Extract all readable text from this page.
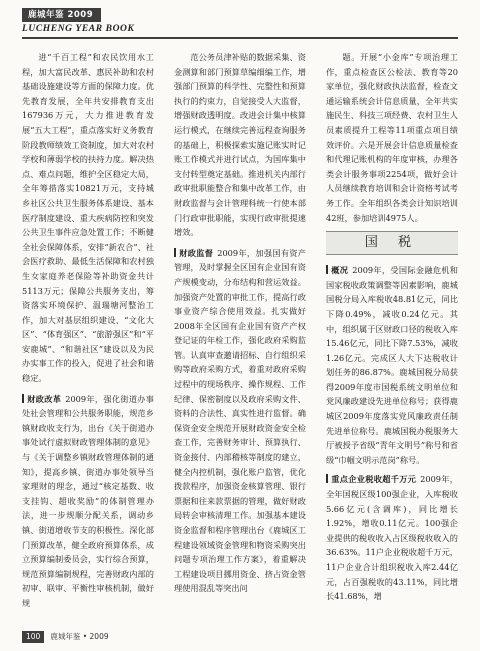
鹿城年鉴 2009
LUCHENG YEAR BOOK

进“千百工程”和农民饮用水工程，加大富民改革、惠民补助和农村基础设施建设等方面的保障力度。优先教育发展，全年共安排教育支出167936万元，大力推进教育发展“五大工程”，重点落实好义务教育阶段教师绩效工资制度，加大对农村学校和薄弱学校的扶持力度。解决热点、难点问题，维护全区稳定大局，全年筹措落实10821万元，支持城乡社区公共卫生服务体系建设、基本医疗制度建设、重大疾病防控和突发公共卫生事件应急处置工作；不断健全社会保障体系，安排“新农合”、社会医疗救助、最低生活保障和农村独生女家庭养老保险等补助资金共计5113万元；保障公共服务支出，筹资落实环境保护、温瑞塘河整治工作，加大对基层组织建设、“文化大区”、“体育强区”、“旅游强区”和“平安鹿城”、“和谐社区”建设以及为民办实事工作的投入，促进了社会和谐稳定。

财政改革 2009年，强化街道办事处社会管理和公共服务职能，规范乡镇财政收支行为，出台《关于街道办事处试行虚拟财政管理体制的意见》与《关于调整乡镇财政管理体制的通知》，提高乡镇、街道办事处领导当家理财的理念，通过“核定基数、收支挂钩、超收奖励”的体制管理办法，进一步规顺分配关系，调动乡镇、街道增收节支的积极性。深化部门预算改革，健全政府预算体系，成立预算编制委员会，实行综合预算，规范预算编制规程，完善财政内部的初审、联审、平衡性审核机制，做好规

范公务员津补贴的数据采集、资金测算和部门预算草编细编工作，增强部门预算的科学性、完整性和预算执行的约束力，自觉接受人大监督，增强财政透明度。改进会计集中核算运行模式，在继续完善远程查询服务的基础上，积极探索实施记账实时记账工作模式并进行试点，为国库集中支付转型奠定基础。推进机关内部行政审批职能整合和集中改革工作，由财政监督与会计管理科统一行使本部门行政审批职能，实现行政审批提速增效。

财政监督 2009年，加强国有资产管理，及时掌握全区国有企业国有资产规模变动，分布结构和营运效益。加强资产处置的审批工作，提高行政事业资产综合使用效益。扎实做好2008年全区国有企业国有资产产权登记证的年检工作，强化政府采购监管。认真审查邀请招标、自行组织采购等政府采购方式，着重对政府采购过程中的现场秩序、操作规程、工作纪律、保密制度以及政府采购文件、资料的合法性、真实性进行监督。确保资金安全规范开展财政资金安全检查工作，完善财务审计、预算执行、资金接付、内部稽核等制度的建立，健全内控机制，强化账户监管，优化拨款程序，加强资金核算管理、银行票据和往来款票据的管理，做好财政局转会审核清理工作。加强基本建设资金监督和程序管理出台《鹿城区工程建设领域资金管理和物资采购突出问题专项治理工作方案》，着重解决工程建设项目挪用资金、挤占资金管理使用混乱等突出问

题。开展“小金库”专项治理工作，重点检查区公检法、教育等20家单位，强化财政执法监督，检查文通运输系统会计信息质量，全年共实施民生、科技三项经费、农村卫生人员素质提升工程等11项重点项目绩效评价。六是开展会计信息质量检查和代理记账机构的年度审核，办理各类会计服务事项2254项，做好会计人员继续教育培训和会计资格考试考务工作。全年组织各类会计知识培训42班，参加培训4975人。

国 税

概况 2009年，受国际金融危机和国家税收政策调整等因素影响，鹿城国税分局入库税收48.81亿元，同比下降0.49%，减收0.24亿元。其中，组织属于区财政口径的税收入库15.46亿元，同比下降7.53%，减收1.26亿元。完成区人大下达税收计划任务的86.87%。鹿城国税分局获得2009年度市国税系统文明单位和党风廉政建设先进单位称号；获得鹿城区2009年度落实党风廉政责任制先进单位称号。鹿城国税办税服务大厅被授予省级“青年文明号”称号和省级“巾帼文明示范岗”称号。

重点企业税收超千万元 2009年，全年国税区级100强企业，入库税收5.66亿元(含调库)，同比增长1.92%，增收0.11亿元。100强企业提供的税收收入占区级税收收入的36.63%。11户企业税收超千万元，11户企业合计组织税收入库2.44亿元，占百强税收的43.11%，同比增长41.68%，增

100 鹿城年鉴 • 2009
